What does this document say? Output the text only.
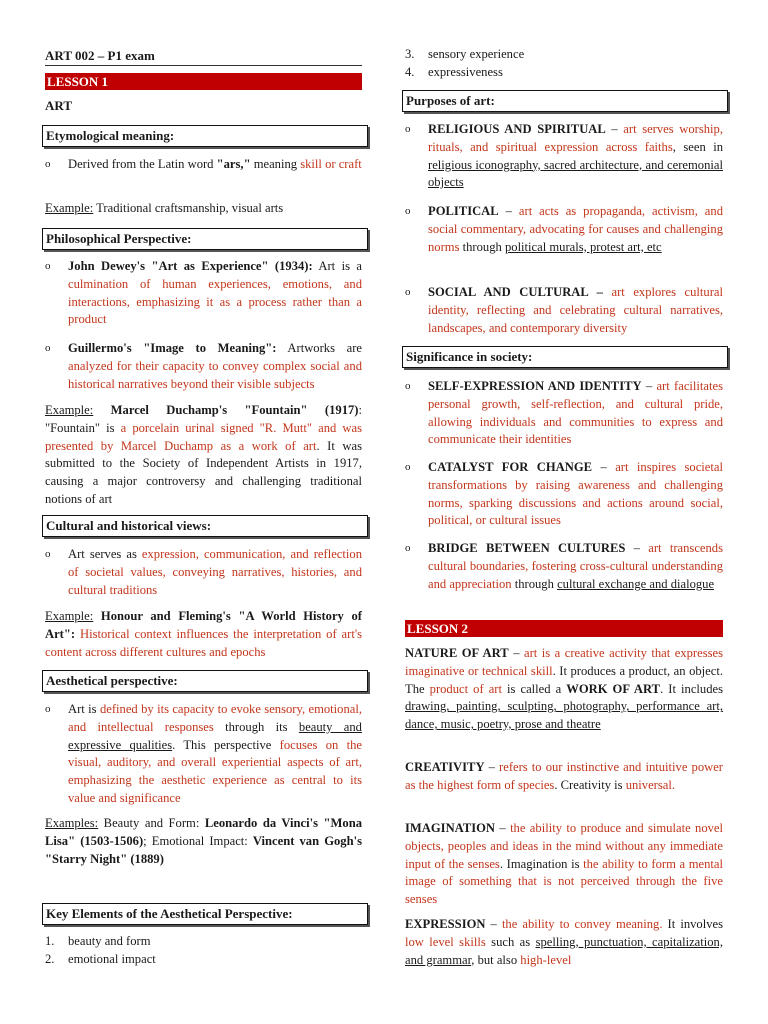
ART 002 – P1 exam
LESSON 1
ART
Etymological meaning:
o Derived from the Latin word "ars," meaning skill or craft

Example: Traditional craftsmanship, visual arts

Philosophical Perspective:
o John Dewey's "Art as Experience" (1934): Art is a culmination of human experiences, emotions, and interactions, emphasizing it as a process rather than a product

o Guillermo's "Image to Meaning": Artworks are analyzed for their capacity to convey complex social and historical narratives beyond their visible subjects

Example: Marcel Duchamp's "Fountain" (1917): "Fountain" is a porcelain urinal signed "R. Mutt" and was presented by Marcel Duchamp as a work of art. It was submitted to the Society of Independent Artists in 1917, causing a major controversy and challenging traditional notions of art

Cultural and historical views:
o Art serves as expression, communication, and reflection of societal values, conveying narratives, histories, and cultural traditions

Example: Honour and Fleming's "A World History of Art": Historical context influences the interpretation of art's content across different cultures and epochs

Aesthetical perspective:
o Art is defined by its capacity to evoke sensory, emotional, and intellectual responses through its beauty and expressive qualities. This perspective focuses on the visual, auditory, and overall experiential aspects of art, emphasizing the aesthetic experience as central to its value and significance

Examples: Beauty and Form: Leonardo da Vinci's "Mona Lisa" (1503-1506); Emotional Impact: Vincent van Gogh's "Starry Night" (1889)

Key Elements of the Aesthetical Perspective:
1. beauty and form
2. emotional impact
3. sensory experience
4. expressiveness
Purposes of art:
o RELIGIOUS AND SPIRITUAL – art serves worship, rituals, and spiritual expression across faiths, seen in religious iconography, sacred architecture, and ceremonial objects

o POLITICAL – art acts as propaganda, activism, and social commentary, advocating for causes and challenging norms through political murals, protest art, etc

o SOCIAL AND CULTURAL – art explores cultural identity, reflecting and celebrating cultural narratives, landscapes, and contemporary diversity

Significance in society:
o SELF-EXPRESSION AND IDENTITY – art facilitates personal growth, self-reflection, and cultural pride, allowing individuals and communities to express and communicate their identities

o CATALYST FOR CHANGE – art inspires societal transformations by raising awareness and challenging norms, sparking discussions and actions around social, political, or cultural issues

o BRIDGE BETWEEN CULTURES – art transcends cultural boundaries, fostering cross-cultural understanding and appreciation through cultural exchange and dialogue

LESSON 2

NATURE OF ART – art is a creative activity that expresses imaginative or technical skill. It produces a product, an object. The product of art is called a WORK OF ART. It includes drawing, painting, sculpting, photography, performance art, dance, music, poetry, prose and theatre

CREATIVITY – refers to our instinctive and intuitive power as the highest form of species. Creativity is universal.

IMAGINATION – the ability to produce and simulate novel objects, peoples and ideas in the mind without any immediate input of the senses. Imagination is the ability to form a mental image of something that is not perceived through the five senses

EXPRESSION – the ability to convey meaning. It involves low level skills such as spelling, punctuation, capitalization, and grammar, but also high-level
